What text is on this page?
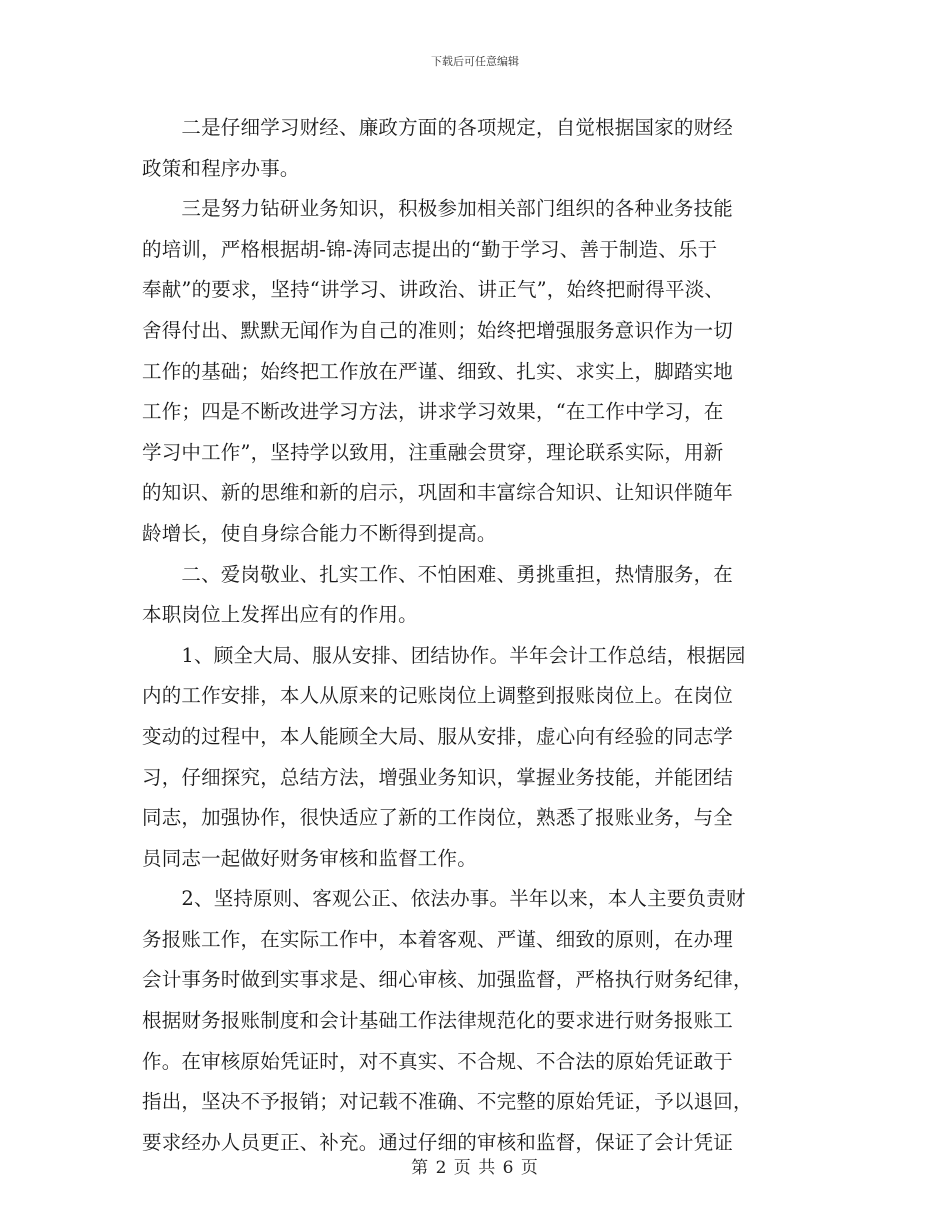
下载后可任意编辑
　　二是仔细学习财经、廉政方面的各项规定，自觉根据国家的财经
政策和程序办事。
　　三是努力钻研业务知识，积极参加相关部门组织的各种业务技能
的培训，严格根据胡-锦-涛同志提出的“勤于学习、善于制造、乐于
奉献”的要求，坚持“讲学习、讲政治、讲正气”，始终把耐得平淡、
舍得付出、默默无闻作为自己的准则；始终把增强服务意识作为一切
工作的基础；始终把工作放在严谨、细致、扎实、求实上，脚踏实地
工作；四是不断改进学习方法，讲求学习效果，“在工作中学习，在
学习中工作”，坚持学以致用，注重融会贯穿，理论联系实际，用新
的知识、新的思维和新的启示，巩固和丰富综合知识、让知识伴随年
龄增长，使自身综合能力不断得到提高。
　　二、爱岗敬业、扎实工作、不怕困难、勇挑重担，热情服务，在
本职岗位上发挥出应有的作用。
　　1、顾全大局、服从安排、团结协作。半年会计工作总结，根据园
内的工作安排，本人从原来的记账岗位上调整到报账岗位上。在岗位
变动的过程中，本人能顾全大局、服从安排，虚心向有经验的同志学
习，仔细探究，总结方法，增强业务知识，掌握业务技能，并能团结
同志，加强协作，很快适应了新的工作岗位，熟悉了报账业务，与全
员同志一起做好财务审核和监督工作。
　　2、坚持原则、客观公正、依法办事。半年以来，本人主要负责财
务报账工作，在实际工作中，本着客观、严谨、细致的原则，在办理
会计事务时做到实事求是、细心审核、加强监督，严格执行财务纪律，
根据财务报账制度和会计基础工作法律规范化的要求进行财务报账工
作。在审核原始凭证时，对不真实、不合规、不合法的原始凭证敢于
指出，坚决不予报销；对记载不准确、不完整的原始凭证，予以退回，
要求经办人员更正、补充。通过仔细的审核和监督，保证了会计凭证
第 2 页 共 6 页
